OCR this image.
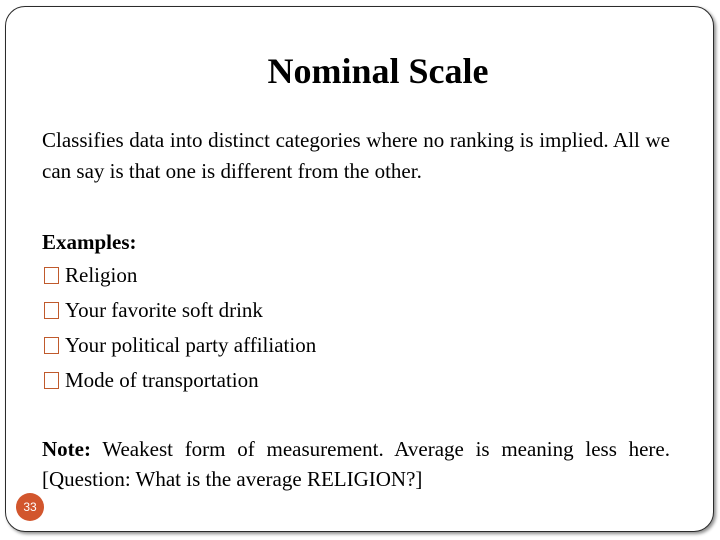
Nominal Scale
Classifies data into distinct categories where no ranking is implied. All we can say is that one is different from the other.
Examples:
Religion
Your favorite soft drink
Your political party affiliation
Mode of transportation
Note: Weakest form of measurement. Average is meaning less here. [Question: What is the average RELIGION?]
33
